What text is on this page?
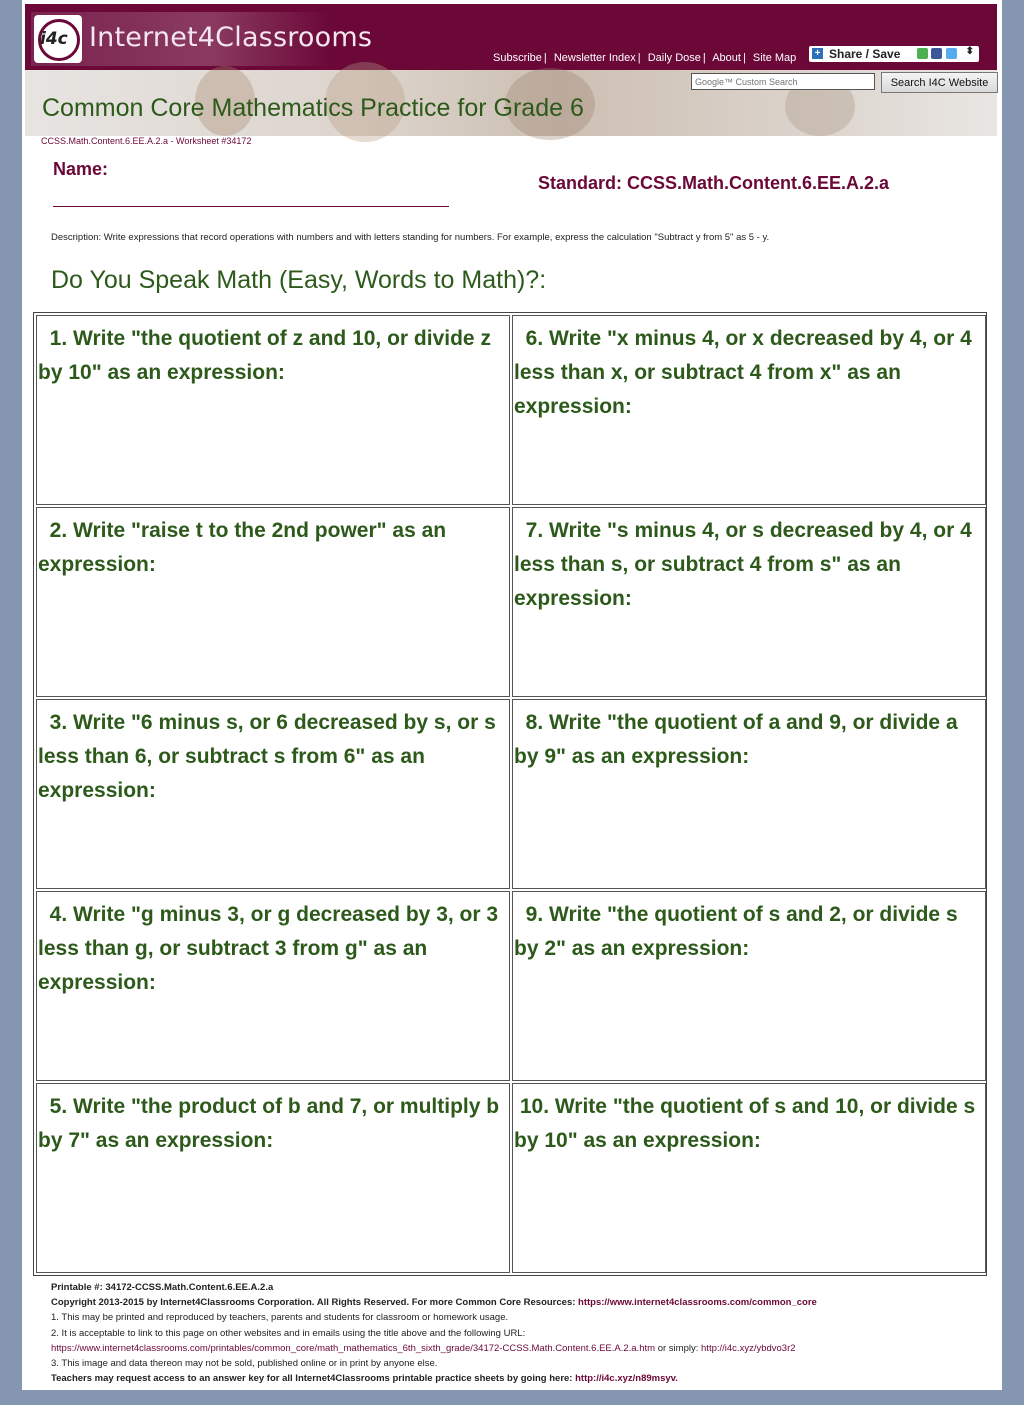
i4c Internet4Classrooms
Subscribe | Newsletter Index | Daily Dose | About | Site Map + Share / Save	⬍
Google™ Custom Search
Search I4C Website
Common Core Mathematics Practice for Grade 6
CCSS.Math.Content.6.EE.A.2.a - Worksheet #34172
Name:
Standard: CCSS.Math.Content.6.EE.A.2.a
Description: Write expressions that record operations with numbers and with letters standing for numbers. For example, express the calculation "Subtract y from 5" as 5 - y.
Do You Speak Math (Easy, Words to Math)?:
1. Write "the quotient of z and 10, or divide z by 10" as an expression:
2. Write "raise t to the 2nd power" as an expression:
3. Write "6 minus s, or 6 decreased by s, or s less than 6, or subtract s from 6" as an expression:
4. Write "g minus 3, or g decreased by 3, or 3 less than g, or subtract 3 from g" as an expression:
5. Write "the product of b and 7, or multiply b by 7" as an expression:
6. Write "x minus 4, or x decreased by 4, or 4 less than x, or subtract 4 from x" as an expression:
7. Write "s minus 4, or s decreased by 4, or 4 less than s, or subtract 4 from s" as an expression:
8. Write "the quotient of a and 9, or divide a by 9" as an expression:
9. Write "the quotient of s and 2, or divide s by 2" as an expression:
10. Write "the quotient of s and 10, or divide s by 10" as an expression:
Printable #: 34172-CCSS.Math.Content.6.EE.A.2.a
Copyright 2013-2015 by Internet4Classrooms Corporation. All Rights Reserved. For more Common Core Resources: https://www.internet4classrooms.com/common_core
1. This may be printed and reproduced by teachers, parents and students for classroom or homework usage.
2. It is acceptable to link to this page on other websites and in emails using the title above and the following URL:
https://www.internet4classrooms.com/printables/common_core/math_mathematics_6th_sixth_grade/34172-CCSS.Math.Content.6.EE.A.2.a.htm or simply: http://i4c.xyz/ybdvo3r2
3. This image and data thereon may not be sold, published online or in print by anyone else.
Teachers may request access to an answer key for all Internet4Classrooms printable practice sheets by going here: http://i4c.xyz/n89msyv.
